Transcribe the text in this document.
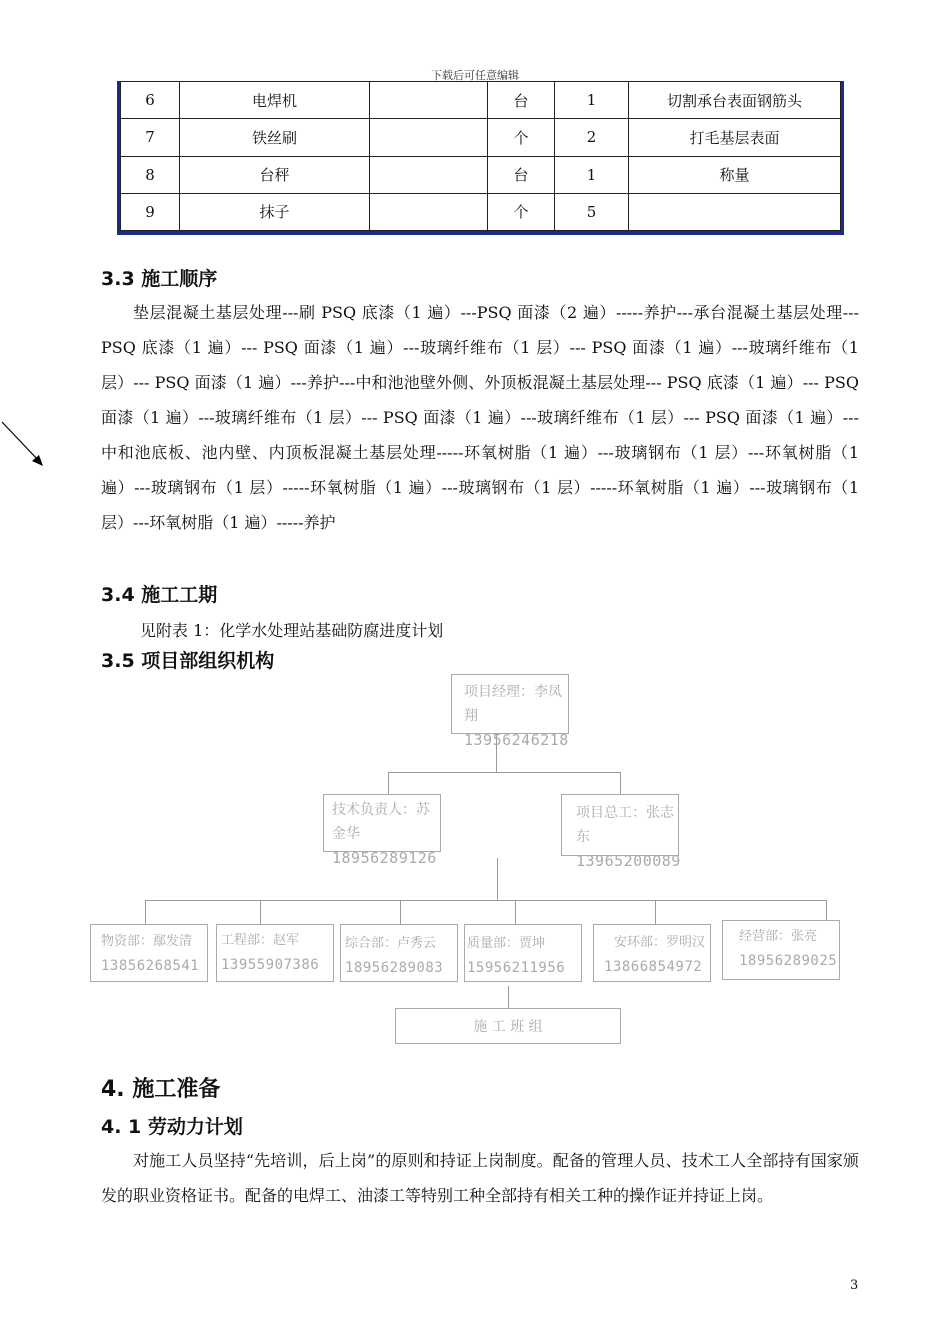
下载后可任意编辑
6	电焊机		台	1	切割承台表面钢筋头
7	铁丝刷		个	2	打毛基层表面
8	台秤		台	1	称量
9	抹子		个	5	
3.3 施工顺序

垫层混凝土基层处理---刷 PSQ 底漆（1 遍）---PSQ 面漆（2 遍）-----养护---承台混凝土基层处理---PSQ 底漆（1 遍）--- PSQ 面漆（1 遍）---玻璃纤维布（1 层）--- PSQ 面漆（1 遍）---玻璃纤维布（1 层）--- PSQ 面漆（1 遍）---养护---中和池池壁外侧、外顶板混凝土基层处理--- PSQ 底漆（1 遍）--- PSQ 面漆（1 遍）---玻璃纤维布（1 层）--- PSQ 面漆（1 遍）---玻璃纤维布（1 层）--- PSQ 面漆（1 遍）---中和池底板、池内壁、内顶板混凝土基层处理-----环氧树脂（1 遍）---玻璃钢布（1 层）---环氧树脂（1 遍）---玻璃钢布（1 层）-----环氧树脂（1 遍）---玻璃钢布（1 层）-----环氧树脂（1 遍）---玻璃钢布（1 层）---环氧树脂（1 遍）-----养护

3.4 施工工期
见附表 1：化学水处理站基础防腐进度计划
3.5 项目部组织机构
项目经理：李凤翔
13956246218
技术负责人：苏金华
18956289126
项目总工：张志东
13965200089
物资部：鄢发清
13856268541
工程部：赵军
13955907386
综合部：卢秀云
18956289083
质量部：贾坤
15956211956
安环部：罗明汉
13866854972
经营部：张亮
18956289025
施 工 班 组
4. 施工准备
4. 1 劳动力计划

对施工人员坚持“先培训，后上岗”的原则和持证上岗制度。配备的管理人员、技术工人全部持有国家颁发的职业资格证书。配备的电焊工、油漆工等特别工种全部持有相关工种的操作证并持证上岗。

3
